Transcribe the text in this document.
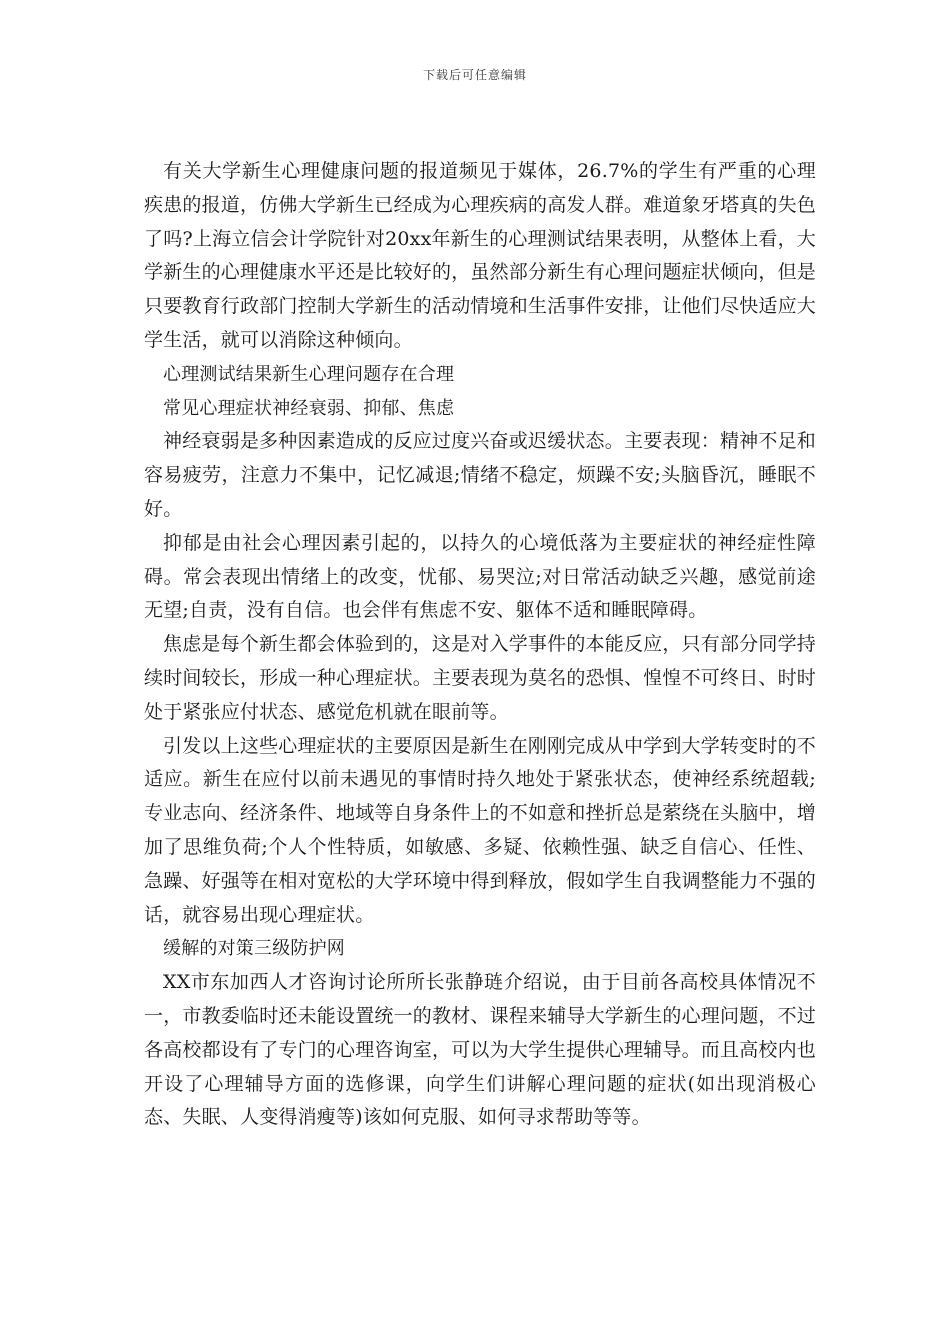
下载后可任意编辑

有关大学新生心理健康问题的报道频见于媒体，26.7%的学生有严重的心理疾患的报道，仿佛大学新生已经成为心理疾病的高发人群。难道象牙塔真的失色了吗?上海立信会计学院针对20xx年新生的心理测试结果表明，从整体上看，大学新生的心理健康水平还是比较好的，虽然部分新生有心理问题症状倾向，但是只要教育行政部门控制大学新生的活动情境和生活事件安排，让他们尽快适应大学生活，就可以消除这种倾向。

心理测试结果新生心理问题存在合理

常见心理症状神经衰弱、抑郁、焦虑

神经衰弱是多种因素造成的反应过度兴奋或迟缓状态。主要表现：精神不足和容易疲劳，注意力不集中，记忆减退;情绪不稳定，烦躁不安;头脑昏沉，睡眠不好。

抑郁是由社会心理因素引起的，以持久的心境低落为主要症状的神经症性障碍。常会表现出情绪上的改变，忧郁、易哭泣;对日常活动缺乏兴趣，感觉前途无望;自责，没有自信。也会伴有焦虑不安、躯体不适和睡眠障碍。

焦虑是每个新生都会体验到的，这是对入学事件的本能反应，只有部分同学持续时间较长，形成一种心理症状。主要表现为莫名的恐惧、惶惶不可终日、时时处于紧张应付状态、感觉危机就在眼前等。

引发以上这些心理症状的主要原因是新生在刚刚完成从中学到大学转变时的不适应。新生在应付以前未遇见的事情时持久地处于紧张状态，使神经系统超载;专业志向、经济条件、地域等自身条件上的不如意和挫折总是萦绕在头脑中，增加了思维负荷;个人个性特质，如敏感、多疑、依赖性强、缺乏自信心、任性、急躁、好强等在相对宽松的大学环境中得到释放，假如学生自我调整能力不强的话，就容易出现心理症状。

缓解的对策三级防护网

XX市东加西人才咨询讨论所所长张静琏介绍说，由于目前各高校具体情况不一，市教委临时还未能设置统一的教材、课程来辅导大学新生的心理问题，不过各高校都设有了专门的心理咨询室，可以为大学生提供心理辅导。而且高校内也开设了心理辅导方面的选修课，向学生们讲解心理问题的症状(如出现消极心态、失眠、人变得消瘦等)该如何克服、如何寻求帮助等等。
